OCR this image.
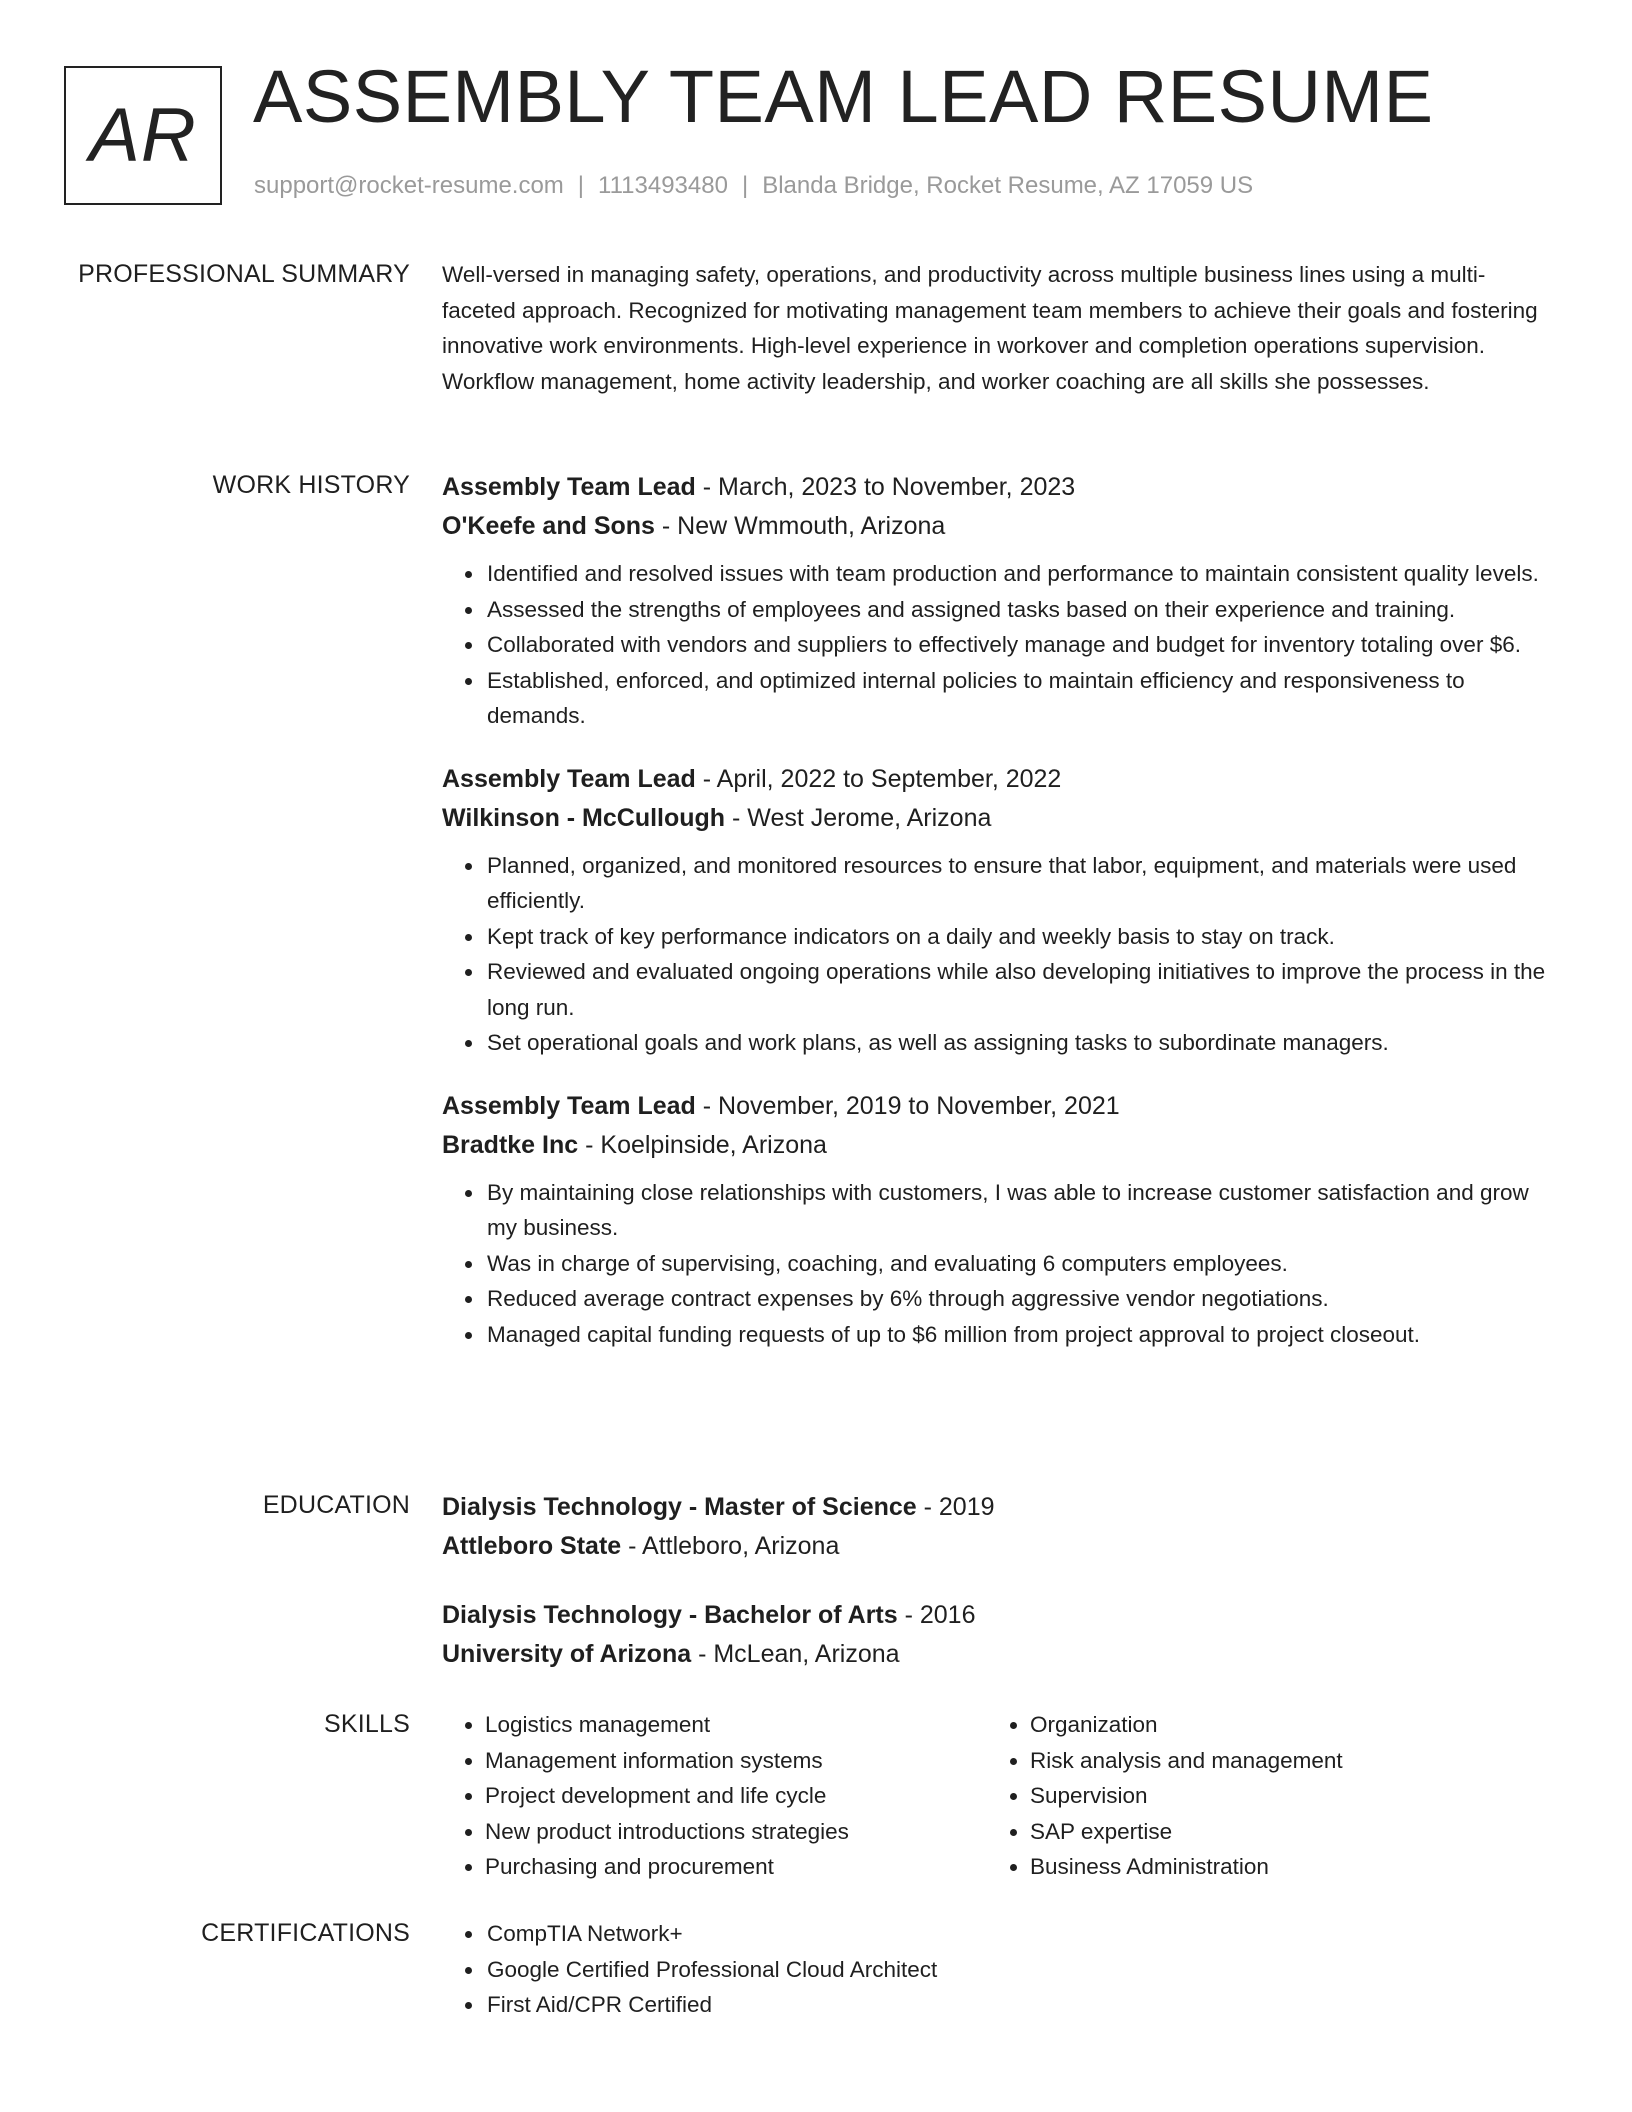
AR ASSEMBLY TEAM LEAD RESUME
support@rocket-resume.com | 1113493480 | Blanda Bridge, Rocket Resume, AZ 17059 US
PROFESSIONAL SUMMARY Well-versed in managing safety, operations, and productivity across multiple business lines using a multi-faceted approach. Recognized for motivating management team members to achieve their goals and fostering innovative work environments. High-level experience in workover and completion operations supervision. Workflow management, home activity leadership, and worker coaching are all skills she possesses.

WORK HISTORY Assembly Team Lead - March, 2023 to November, 2023

O'Keefe and Sons - New Wmmouth, Arizona

• Identified and resolved issues with team production and performance to maintain consistent quality levels.
• Assessed the strengths of employees and assigned tasks based on their experience and training.
• Collaborated with vendors and suppliers to effectively manage and budget for inventory totaling over $6.
• Established, enforced, and optimized internal policies to maintain efficiency and responsiveness to demands.

Assembly Team Lead - April, 2022 to September, 2022

Wilkinson - McCullough - West Jerome, Arizona

• Planned, organized, and monitored resources to ensure that labor, equipment, and materials were used efficiently.
• Kept track of key performance indicators on a daily and weekly basis to stay on track.
• Reviewed and evaluated ongoing operations while also developing initiatives to improve the process in the long run.
• Set operational goals and work plans, as well as assigning tasks to subordinate managers.

Assembly Team Lead - November, 2019 to November, 2021

Bradtke Inc - Koelpinside, Arizona

• By maintaining close relationships with customers, I was able to increase customer satisfaction and grow my business.
• Was in charge of supervising, coaching, and evaluating 6 computers employees.
• Reduced average contract expenses by 6% through aggressive vendor negotiations.
• Managed capital funding requests of up to $6 million from project approval to project closeout.
EDUCATION Dialysis Technology - Master of Science - 2019

Attleboro State - Attleboro, Arizona

Dialysis Technology - Bachelor of Arts - 2016

University of Arizona - McLean, Arizona

SKILLS	• Logistics management
• Management information systems
• Project development and life cycle
• New product introductions strategies
• Purchasing and procurement
• Organization
• Risk analysis and management
• Supervision
• SAP expertise
• Business Administration
CERTIFICATIONS	• CompTIA Network+
• Google Certified Professional Cloud Architect
• First Aid/CPR Certified
